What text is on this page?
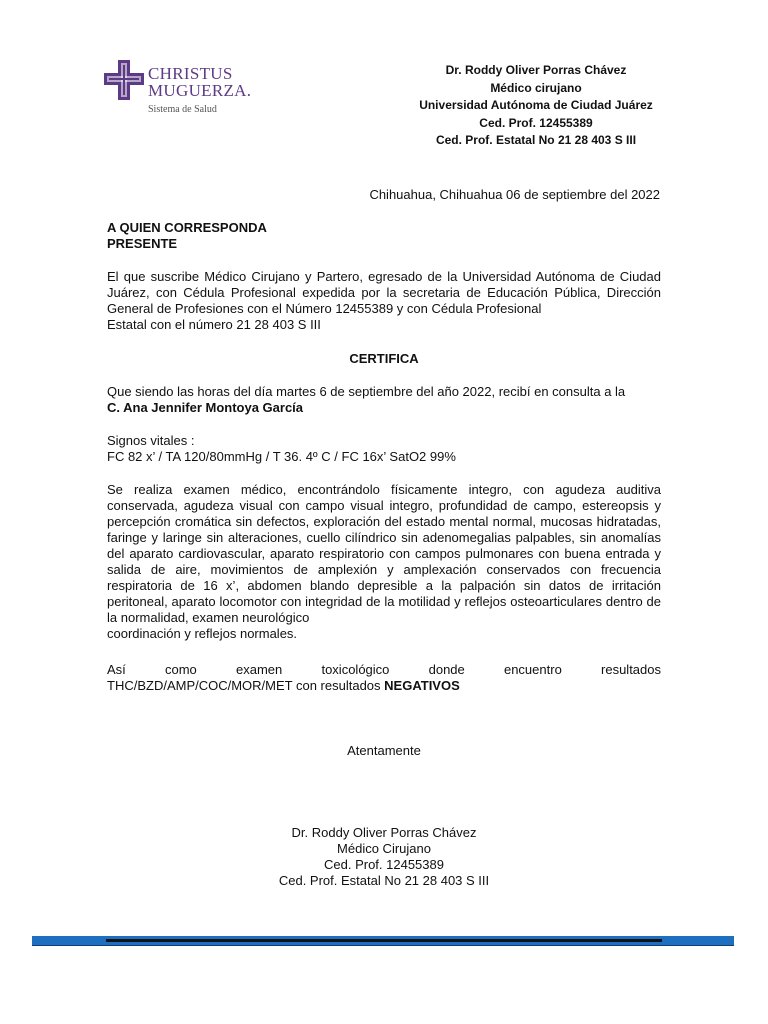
CHRISTUS
MUGUERZA.
Sistema de Salud
Dr. Roddy Oliver Porras Chávez
Médico cirujano
Universidad Autónoma de Ciudad Juárez
Ced. Prof. 12455389
Ced. Prof. Estatal No 21 28 403 S III
Chihuahua, Chihuahua 06 de septiembre del 2022
A QUIEN CORRESPONDA
PRESENTE
El que suscribe Médico Cirujano y Partero, egresado de la Universidad Autónoma de Ciudad Juárez, con Cédula Profesional expedida por la secretaria de Educación Pública, Dirección General de Profesiones con el Número 12455389 y con Cédula Profesional
Estatal con el número 21 28 403 S III
CERTIFICA
Que siendo las horas del día martes 6 de septiembre del año 2022, recibí en consulta a la
C. Ana Jennifer Montoya García
Signos vitales :
FC 82 x’ / TA 120/80mmHg / T 36. 4º C / FC 16x’ SatO2 99%
Se realiza examen médico, encontrándolo físicamente integro, con agudeza auditiva conservada, agudeza visual con campo visual integro, profundidad de campo, estereopsis y percepción cromática sin defectos, exploración del estado mental normal, mucosas hidratadas, faringe y laringe sin alteraciones, cuello cilíndrico sin adenomegalias palpables, sin anomalías del aparato cardiovascular, aparato respiratorio con campos pulmonares con buena entrada y salida de aire, movimientos de amplexión y amplexación conservados con frecuencia respiratoria de 16 x’, abdomen blando depresible a la palpación sin datos de irritación peritoneal, aparato locomotor con integridad de la motilidad y reflejos osteoarticulares dentro de la normalidad, examen neurológico
coordinación y reflejos normales.
Así como examen toxicológico donde encuentro resultados
THC/BZD/AMP/COC/MOR/MET con resultados NEGATIVOS
Atentamente
Dr. Roddy Oliver Porras Chávez
Médico Cirujano
Ced. Prof. 12455389
Ced. Prof. Estatal No 21 28 403 S III
